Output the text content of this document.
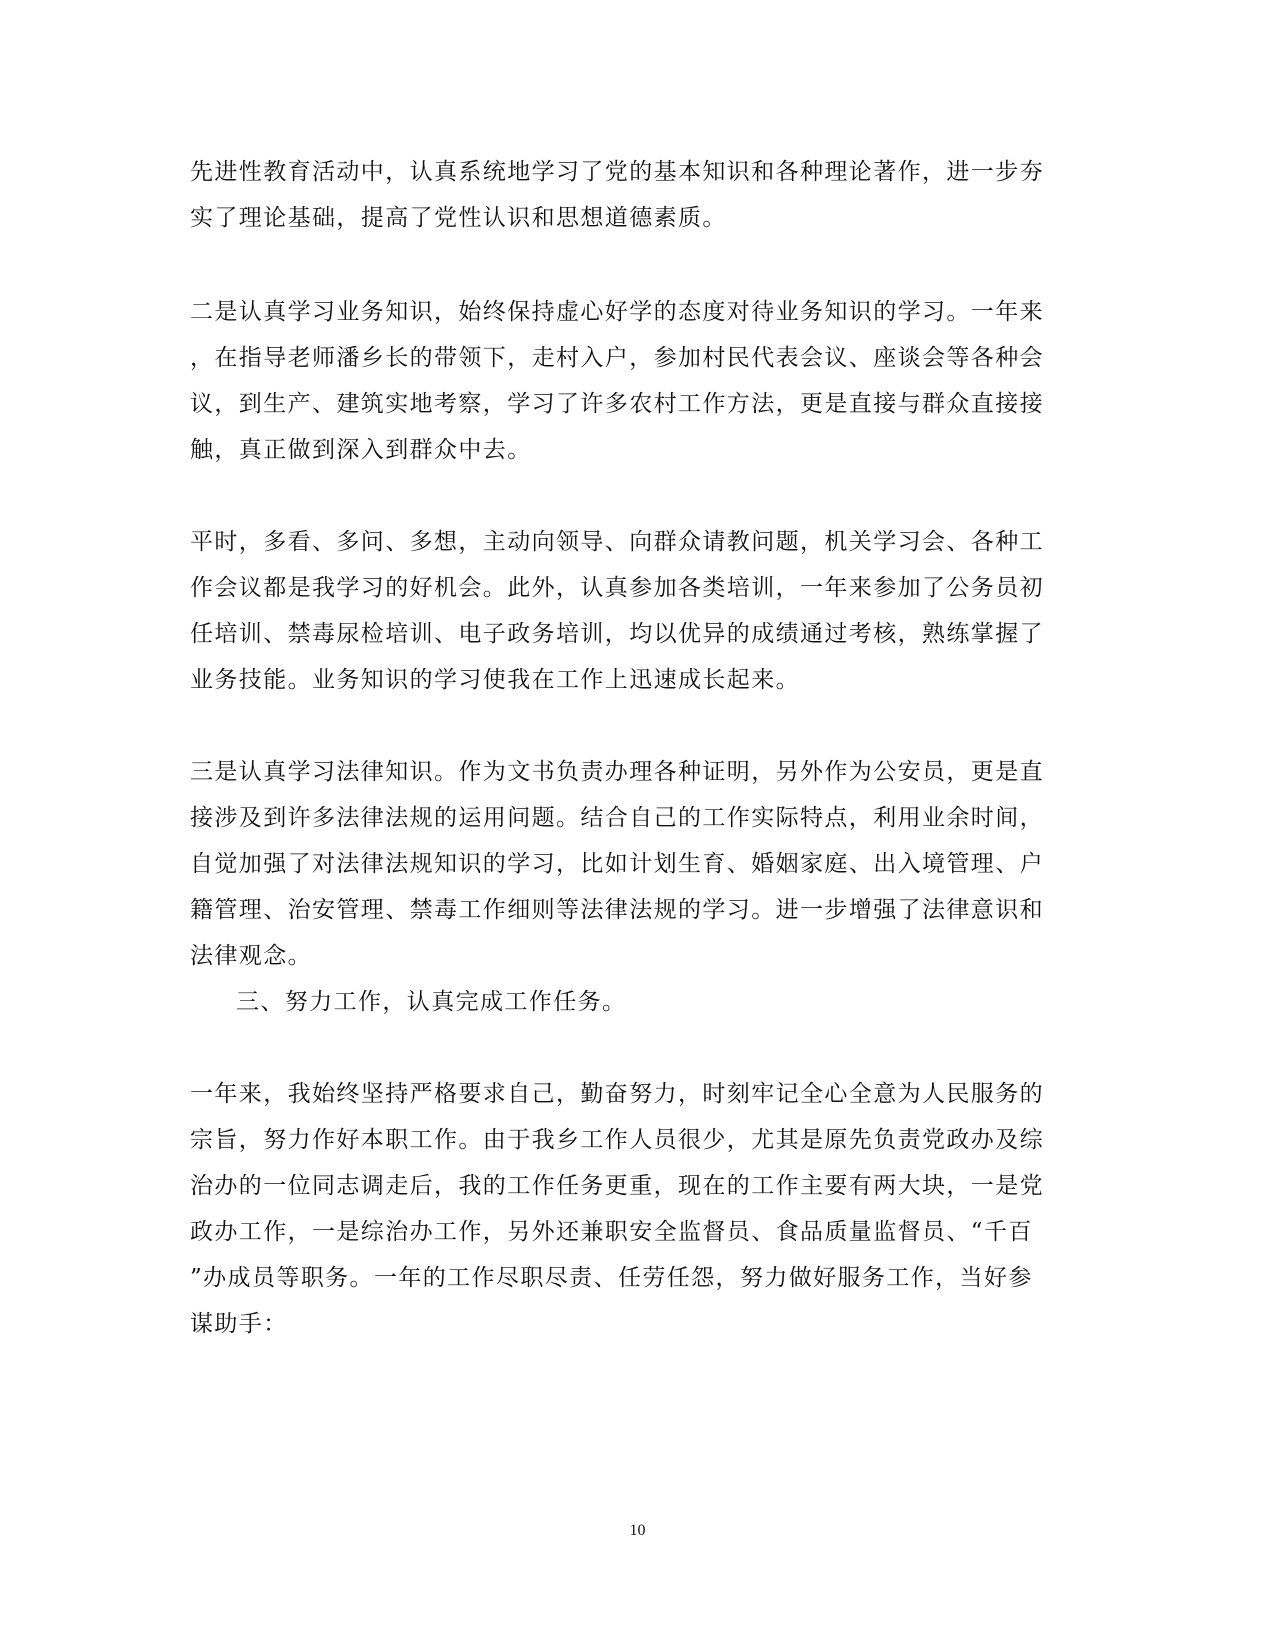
先进性教育活动中，认真系统地学习了党的基本知识和各种理论著作，进一步夯
实了理论基础，提高了党性认识和思想道德素质。
二是认真学习业务知识，始终保持虚心好学的态度对待业务知识的学习。一年来
，在指导老师潘乡长的带领下，走村入户，参加村民代表会议、座谈会等各种会
议，到生产、建筑实地考察，学习了许多农村工作方法，更是直接与群众直接接
触，真正做到深入到群众中去。
平时，多看、多问、多想，主动向领导、向群众请教问题，机关学习会、各种工
作会议都是我学习的好机会。此外，认真参加各类培训，一年来参加了公务员初
任培训、禁毒尿检培训、电子政务培训，均以优异的成绩通过考核，熟练掌握了
业务技能。业务知识的学习使我在工作上迅速成长起来。
三是认真学习法律知识。作为文书负责办理各种证明，另外作为公安员，更是直
接涉及到许多法律法规的运用问题。结合自己的工作实际特点，利用业余时间，
自觉加强了对法律法规知识的学习，比如计划生育、婚姻家庭、出入境管理、户
籍管理、治安管理、禁毒工作细则等法律法规的学习。进一步增强了法律意识和
法律观念。
三、努力工作，认真完成工作任务。
一年来，我始终坚持严格要求自己，勤奋努力，时刻牢记全心全意为人民服务的
宗旨，努力作好本职工作。由于我乡工作人员很少，尤其是原先负责党政办及综
治办的一位同志调走后，我的工作任务更重，现在的工作主要有两大块，一是党
政办工作，一是综治办工作，另外还兼职安全监督员、食品质量监督员、“千百
”办成员等职务。一年的工作尽职尽责、任劳任怨，努力做好服务工作，当好参
谋助手：
10
